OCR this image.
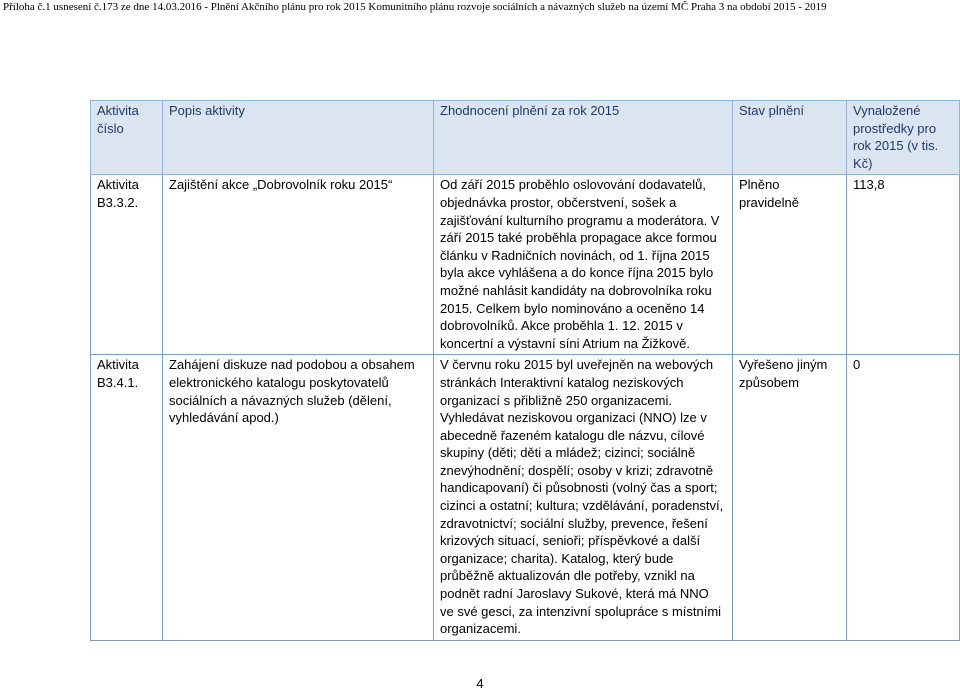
Příloha č.1 usnesení č.173 ze dne 14.03.2016 - Plnění Akčního plánu pro rok 2015 Komunitního plánu rozvoje sociálních a návazných služeb na území MČ Praha 3 na období 2015 - 2019
Aktivita číslo	Popis aktivity	Zhodnocení plnění za rok 2015	Stav plnění	Vynaložené prostředky pro rok 2015 (v tis. Kč)
Aktivita B3.3.2.	Zajištění akce „Dobrovolník roku 2015“	Od září 2015 proběhlo oslovování dodavatelů, objednávka prostor, občerstvení, sošek a zajišťování kulturního programu a moderátora. V září 2015 také proběhla propagace akce formou článku v Radničních novinách, od 1. října 2015 byla akce vyhlášena a do konce října 2015 bylo možné nahlásit kandidáty na dobrovolníka roku 2015. Celkem bylo nominováno a oceněno 14 dobrovolníků. Akce proběhla 1. 12. 2015 v koncertní a výstavní síni Atrium na Žižkově.	Plněno pravidelně	113,8
Aktivita B3.4.1.	Zahájení diskuze nad podobou a obsahem elektronického katalogu poskytovatelů sociálních a návazných služeb (dělení, vyhledávání apod.)	V červnu roku 2015 byl uveřejněn na webových stránkách Interaktivní katalog neziskových organizací s přibližně 250 organizacemi. Vyhledávat neziskovou organizaci (NNO) lze v abecedně řazeném katalogu dle názvu, cílové skupiny (děti; děti a mládež; cizinci; sociálně znevýhodnění; dospělí; osoby v krizi; zdravotně handicapovaní) či působnosti (volný čas a sport; cizinci a ostatní; kultura; vzdělávání, poradenství, zdravotnictví; sociální služby, prevence, řešení krizových situací, senioři; příspěvkové a další organizace; charita). Katalog, který bude průběžně aktualizován dle potřeby, vznikl na podnět radní Jaroslavy Sukové, která má NNO ve své gesci, za intenzivní spolupráce s místními organizacemi.	Vyřešeno jiným způsobem	0
4
